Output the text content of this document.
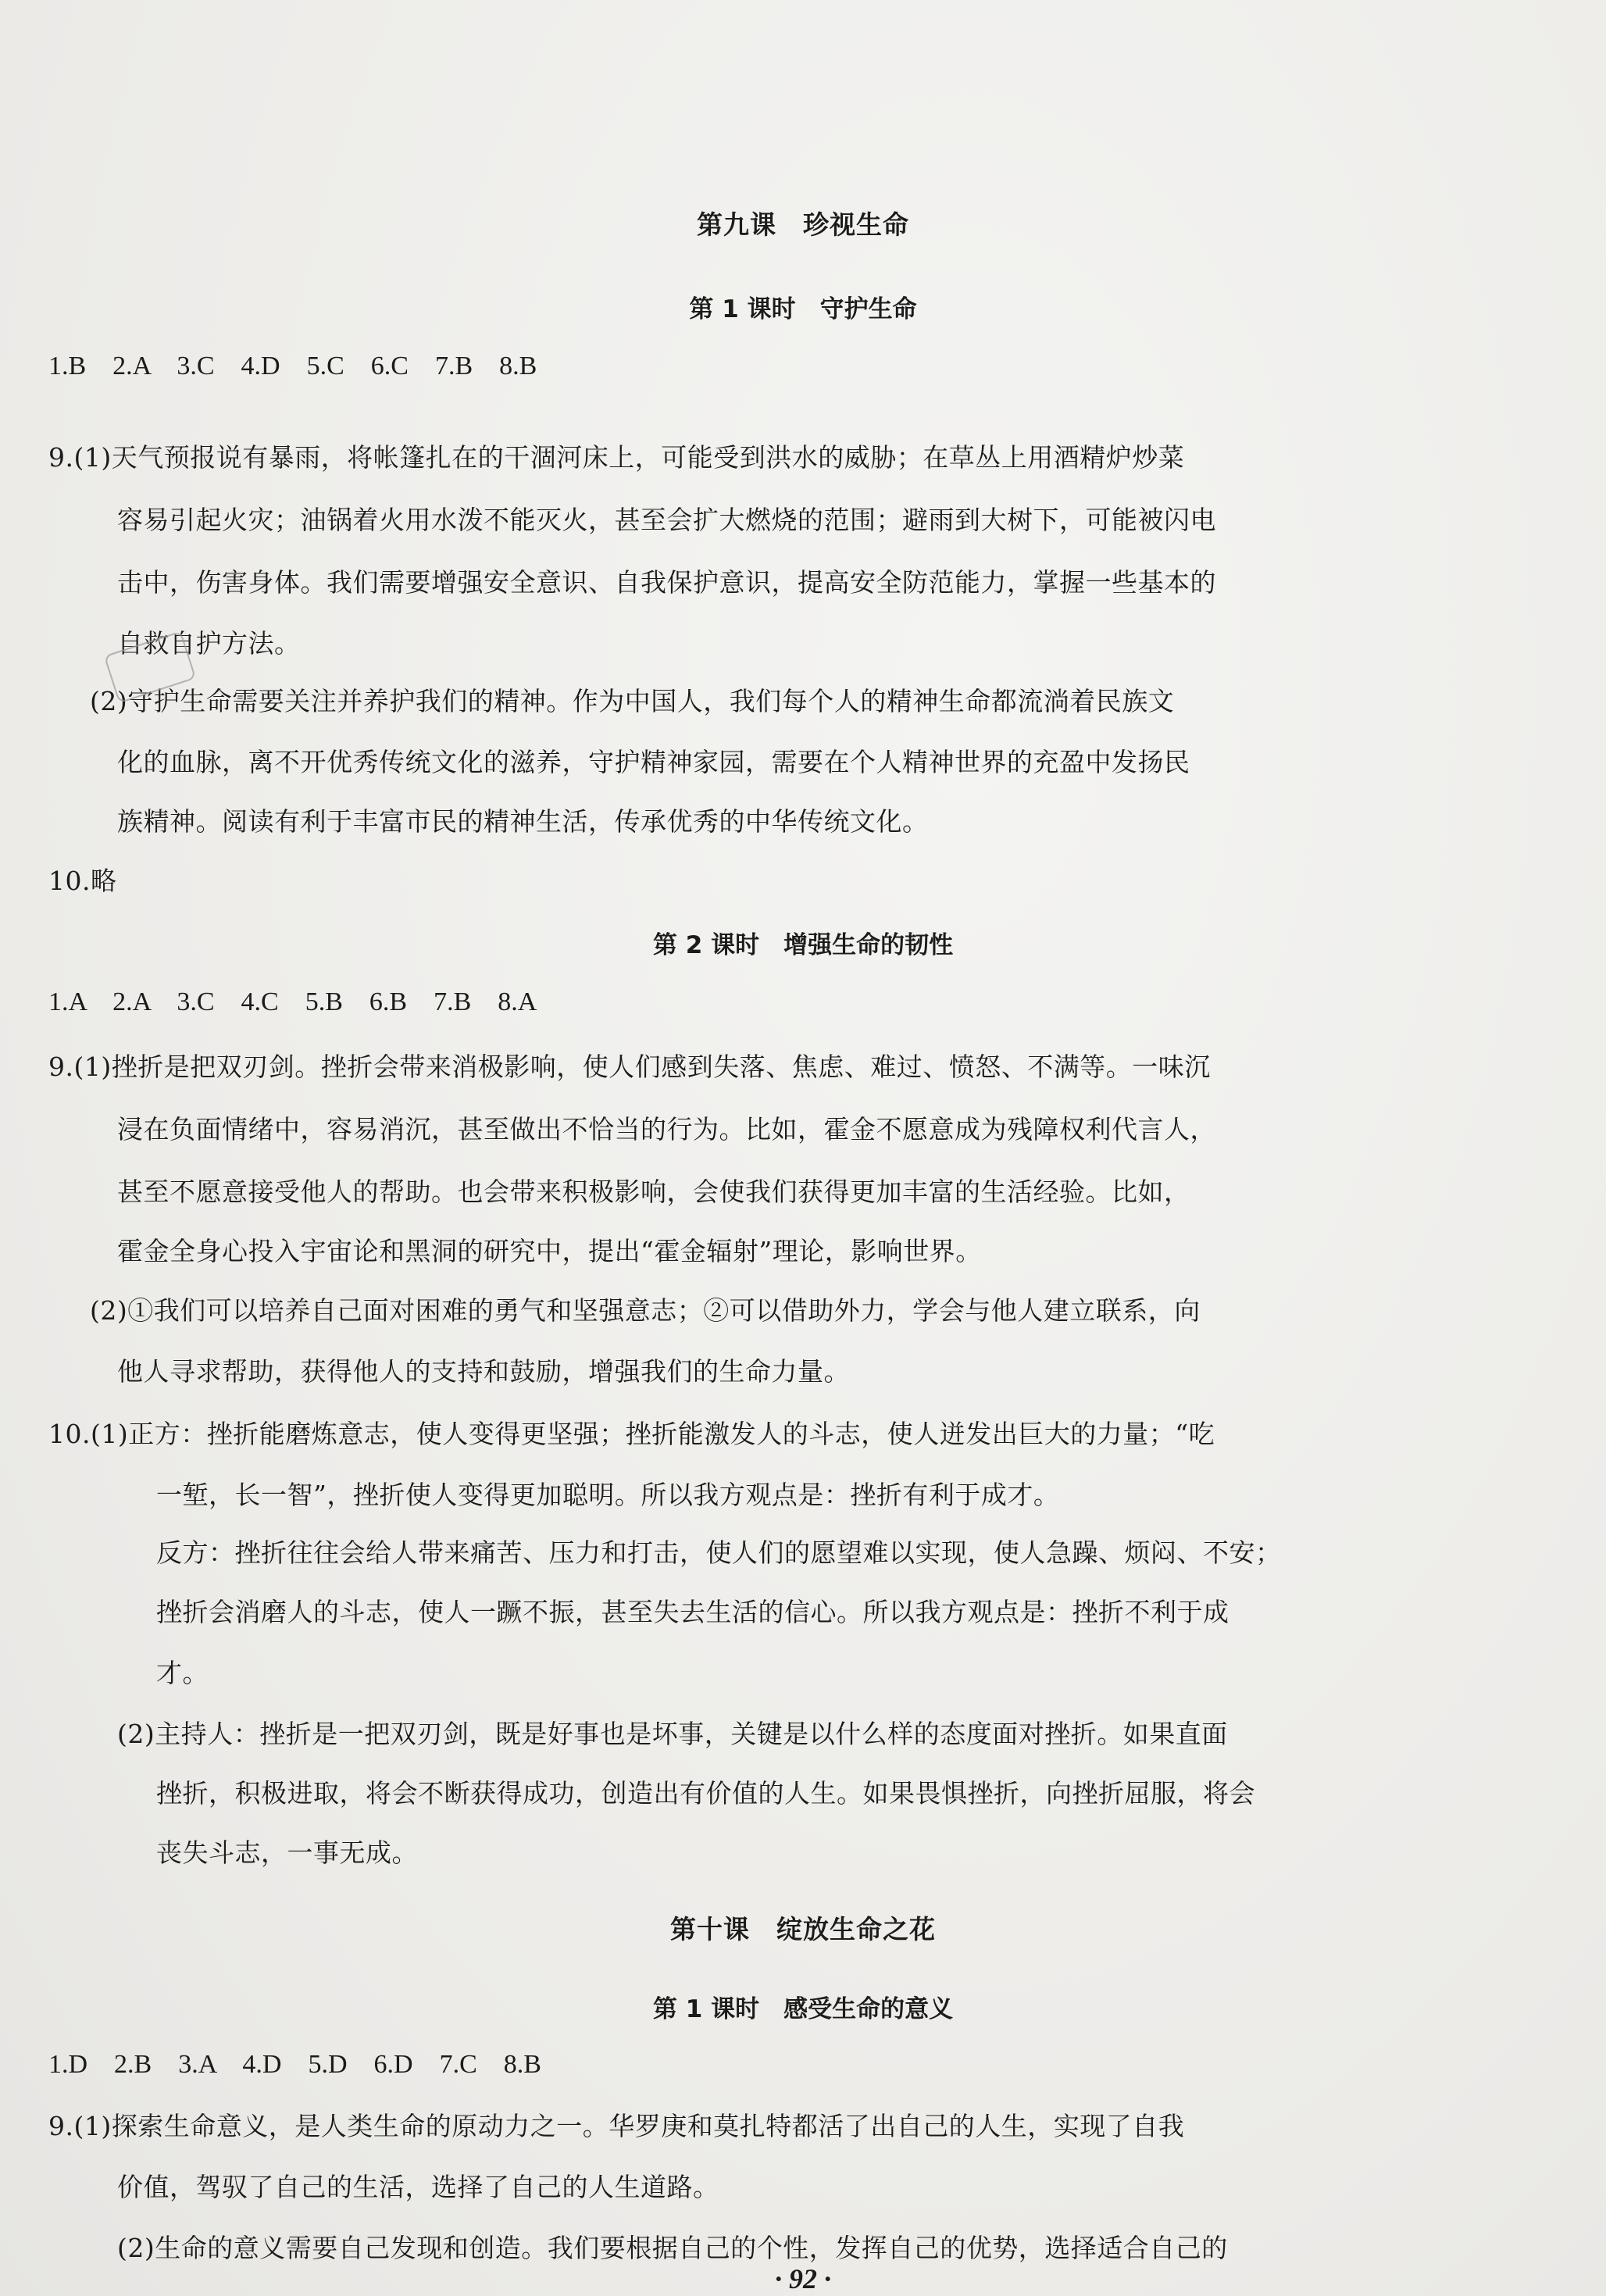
第九课　珍视生命
第 1 课时　守护生命
1.B　2.A　3.C　4.D　5.C　6.C　7.B　8.B
9.(1)天气预报说有暴雨，将帐篷扎在的干涸河床上，可能受到洪水的威胁；在草丛上用酒精炉炒菜
容易引起火灾；油锅着火用水泼不能灭火，甚至会扩大燃烧的范围；避雨到大树下，可能被闪电
击中，伤害身体。我们需要增强安全意识、自我保护意识，提高安全防范能力，掌握一些基本的
自救自护方法。
(2)守护生命需要关注并养护我们的精神。作为中国人，我们每个人的精神生命都流淌着民族文
化的血脉，离不开优秀传统文化的滋养，守护精神家园，需要在个人精神世界的充盈中发扬民
族精神。阅读有利于丰富市民的精神生活，传承优秀的中华传统文化。
10.略
第 2 课时　增强生命的韧性
1.A　2.A　3.C　4.C　5.B　6.B　7.B　8.A
9.(1)挫折是把双刃剑。挫折会带来消极影响，使人们感到失落、焦虑、难过、愤怒、不满等。一味沉
浸在负面情绪中，容易消沉，甚至做出不恰当的行为。比如，霍金不愿意成为残障权利代言人，
甚至不愿意接受他人的帮助。也会带来积极影响，会使我们获得更加丰富的生活经验。比如，
霍金全身心投入宇宙论和黑洞的研究中，提出“霍金辐射”理论，影响世界。
(2)①我们可以培养自己面对困难的勇气和坚强意志；②可以借助外力，学会与他人建立联系，向
他人寻求帮助，获得他人的支持和鼓励，增强我们的生命力量。
10.(1)正方：挫折能磨炼意志，使人变得更坚强；挫折能激发人的斗志，使人迸发出巨大的力量；“吃
一堑，长一智”，挫折使人变得更加聪明。所以我方观点是：挫折有利于成才。
反方：挫折往往会给人带来痛苦、压力和打击，使人们的愿望难以实现，使人急躁、烦闷、不安；
挫折会消磨人的斗志，使人一蹶不振，甚至失去生活的信心。所以我方观点是：挫折不利于成
才。
(2)主持人：挫折是一把双刃剑，既是好事也是坏事，关键是以什么样的态度面对挫折。如果直面
挫折，积极进取，将会不断获得成功，创造出有价值的人生。如果畏惧挫折，向挫折屈服，将会
丧失斗志，一事无成。
第十课　绽放生命之花
第 1 课时　感受生命的意义
1.D　2.B　3.A　4.D　5.D　6.D　7.C　8.B
9.(1)探索生命意义，是人类生命的原动力之一。华罗庚和莫扎特都活了出自己的人生，实现了自我
价值，驾驭了自己的生活，选择了自己的人生道路。
(2)生命的意义需要自己发现和创造。我们要根据自己的个性，发挥自己的优势，选择适合自己的
· 92 ·
